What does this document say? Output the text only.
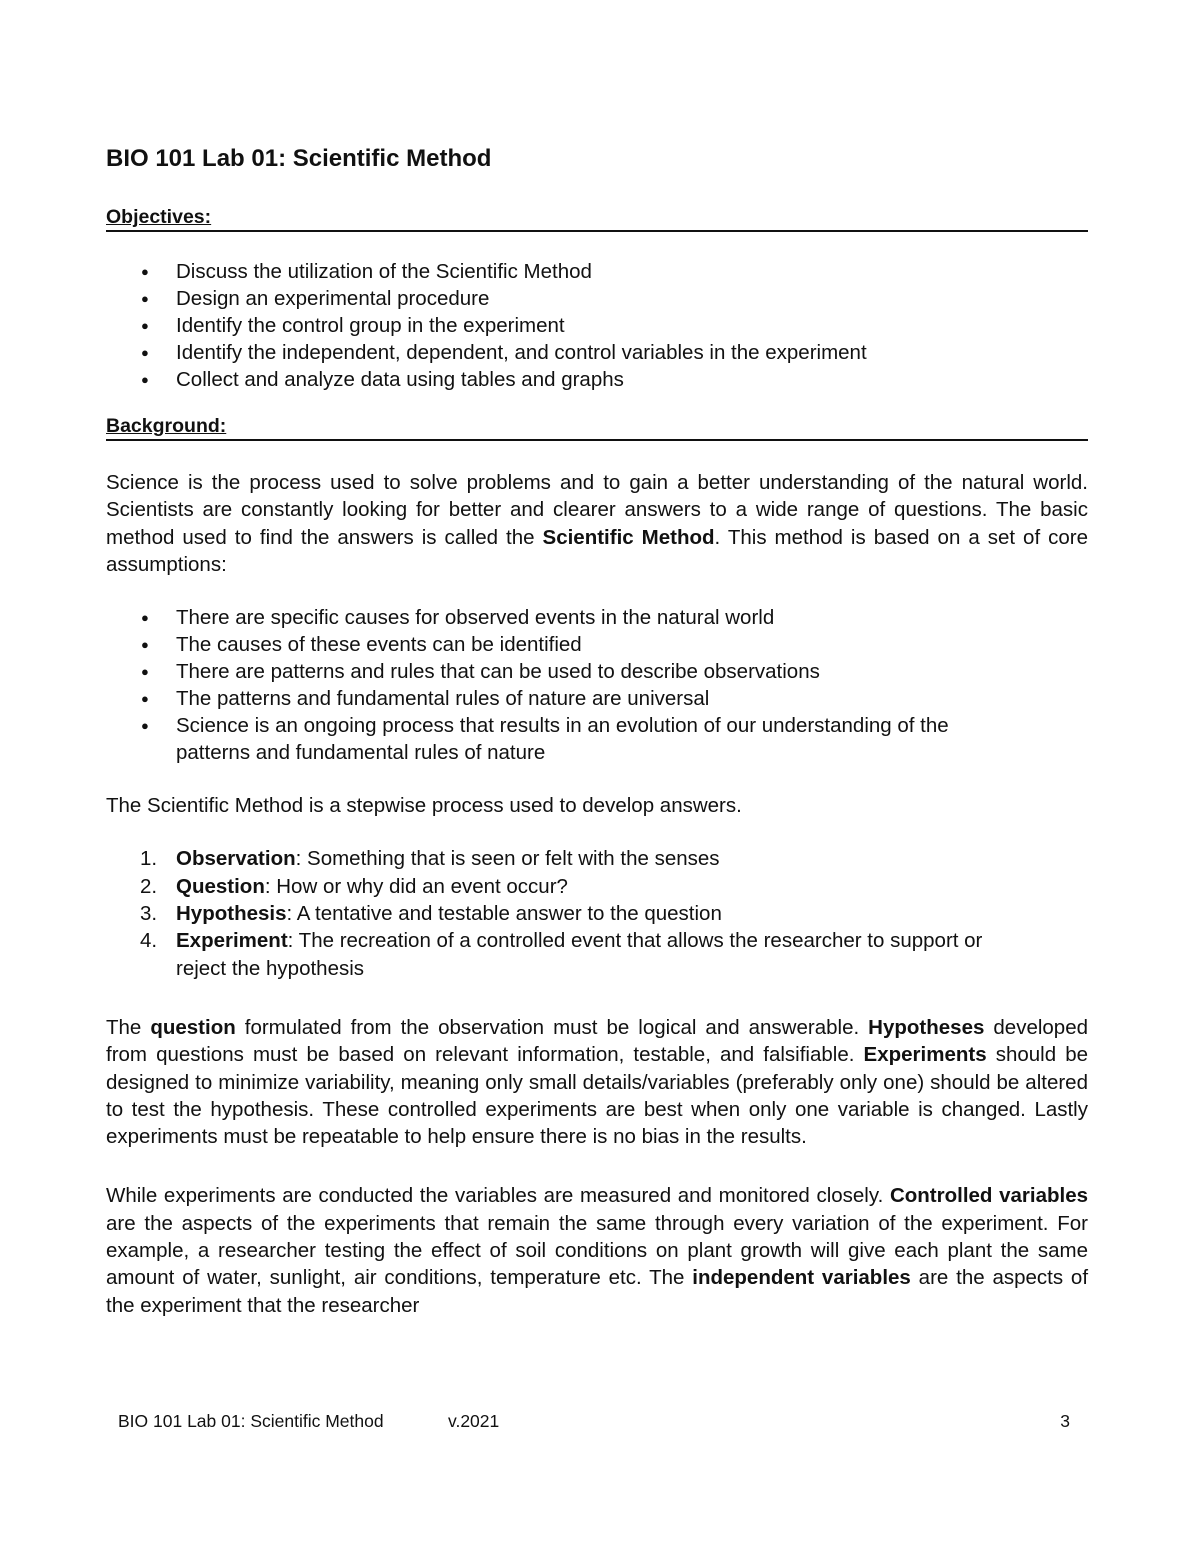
BIO 101 Lab 01: Scientific Method
Objectives:
● Discuss the utilization of the Scientific Method
● Design an experimental procedure
● Identify the control group in the experiment
● Identify the independent, dependent, and control variables in the experiment
● Collect and analyze data using tables and graphs
Background:

Science is the process used to solve problems and to gain a better understanding of the natural world. Scientists are constantly looking for better and clearer answers to a wide range of questions. The basic method used to find the answers is called the Scientific Method. This method is based on a set of core assumptions:

● There are specific causes for observed events in the natural world
● The causes of these events can be identified
● There are patterns and rules that can be used to describe observations
● The patterns and fundamental rules of nature are universal
● Science is an ongoing process that results in an evolution of our understanding of the patterns and fundamental rules of nature

The Scientific Method is a stepwise process used to develop answers.

1. Observation: Something that is seen or felt with the senses
2. Question: How or why did an event occur?
3. Hypothesis: A tentative and testable answer to the question
4. Experiment: The recreation of a controlled event that allows the researcher to support or reject the hypothesis

The question formulated from the observation must be logical and answerable. Hypotheses developed from questions must be based on relevant information, testable, and falsifiable. Experiments should be designed to minimize variability, meaning only small details/variables (preferably only one) should be altered to test the hypothesis. These controlled experiments are best when only one variable is changed. Lastly experiments must be repeatable to help ensure there is no bias in the results.

While experiments are conducted the variables are measured and monitored closely. Controlled variables are the aspects of the experiments that remain the same through every variation of the experiment. For example, a researcher testing the effect of soil conditions on plant growth will give each plant the same amount of water, sunlight, air conditions, temperature etc. The independent variables are the aspects of the experiment that the researcher

BIO 101 Lab 01: Scientific Method	v.2021	3
